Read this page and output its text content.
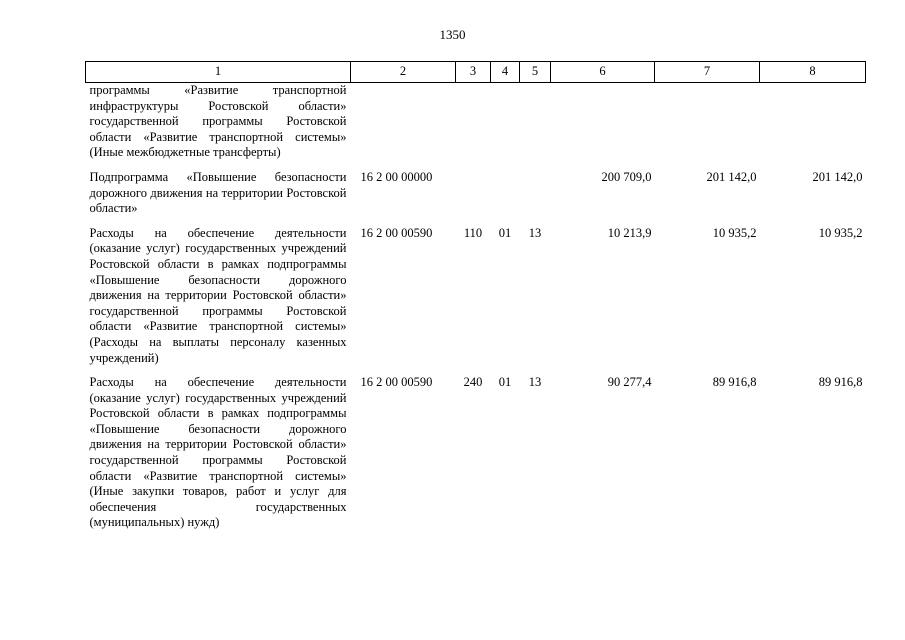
1350
1	2	3	4	5	6	7	8
программы «Развитие транспортной инфраструктуры Ростовской области» государственной программы Ростовской области «Развитие транспортной системы» (Иные межбюджетные трансферты)							

Подпрограмма «Повышение безопасности дорожного движения на территории Ростовской области»	16 2 00 00000				200 709,0	201 142,0	201 142,0

Расходы на обеспечение деятельности (оказание услуг) государственных учреждений Ростовской области в рамках подпрограммы «Повышение безопасности дорожного движения на территории Ростовской области» государственной программы Ростовской области «Развитие транспортной системы» (Расходы на выплаты персоналу казенных учреждений)	16 2 00 00590	110	01	13	10 213,9	10 935,2	10 935,2

Расходы на обеспечение деятельности (оказание услуг) государственных учреждений Ростовской области в рамках подпрограммы «Повышение безопасности дорожного движения на территории Ростовской области» государственной программы Ростовской области «Развитие транспортной системы» (Иные закупки товаров, работ и услуг для обеспечения государственных (муниципальных) нужд)	16 2 00 00590	240	01	13	90 277,4	89 916,8	89 916,8
